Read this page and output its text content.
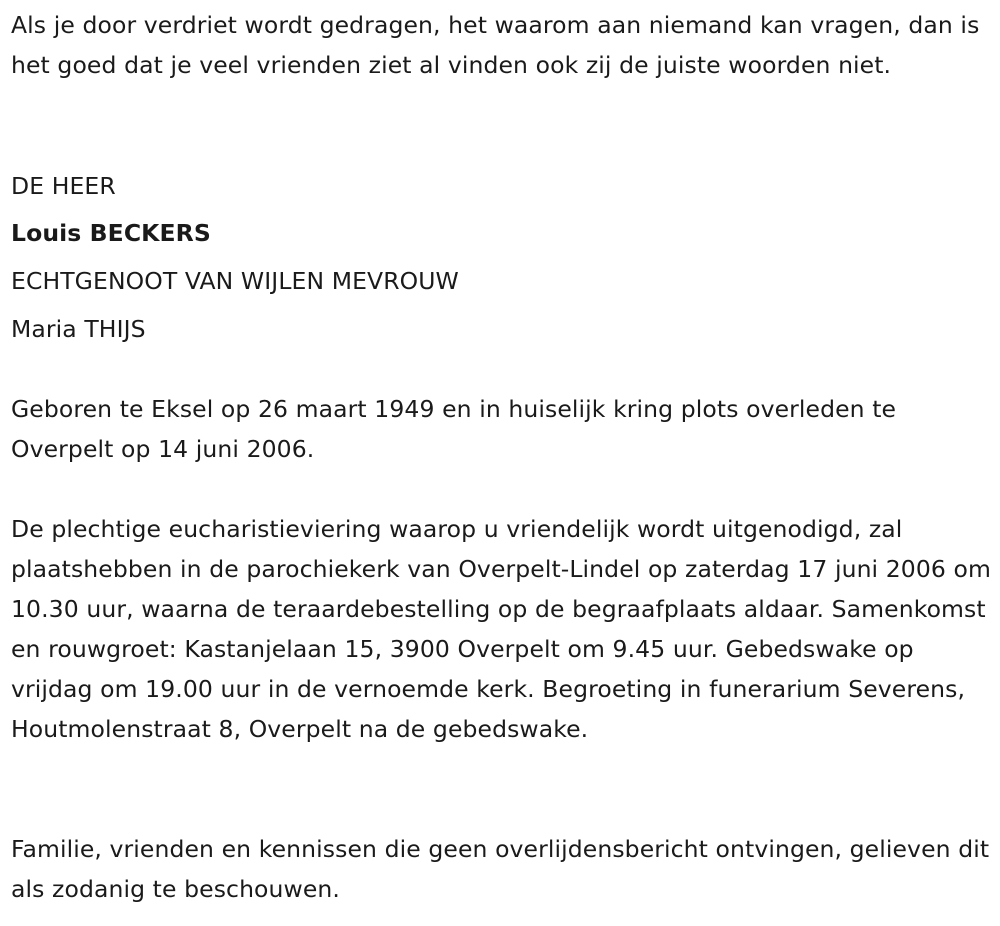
Als je door verdriet wordt gedragen, het waarom aan niemand kan vragen, dan is het goed dat je veel vrienden ziet al vinden ook zij de juiste woorden niet.

DE HEER

Louis BECKERS

ECHTGENOOT VAN WIJLEN MEVROUW

Maria THIJS

Geboren te Eksel op 26 maart 1949 en in huiselijk kring plots overleden te Overpelt op 14 juni 2006.

De plechtige eucharistieviering waarop u vriendelijk wordt uitgenodigd, zal plaatshebben in de parochiekerk van Overpelt-Lindel op zaterdag 17 juni 2006 om 10.30 uur, waarna de teraardebestelling op de begraafplaats aldaar. Samenkomst en rouwgroet: Kastanjelaan 15, 3900 Overpelt om 9.45 uur. Gebedswake op vrijdag om 19.00 uur in de vernoemde kerk. Begroeting in funerarium Severens, Houtmolenstraat 8, Overpelt na de gebedswake.

Familie, vrienden en kennissen die geen overlijdensbericht ontvingen, gelieven dit als zodanig te beschouwen.
